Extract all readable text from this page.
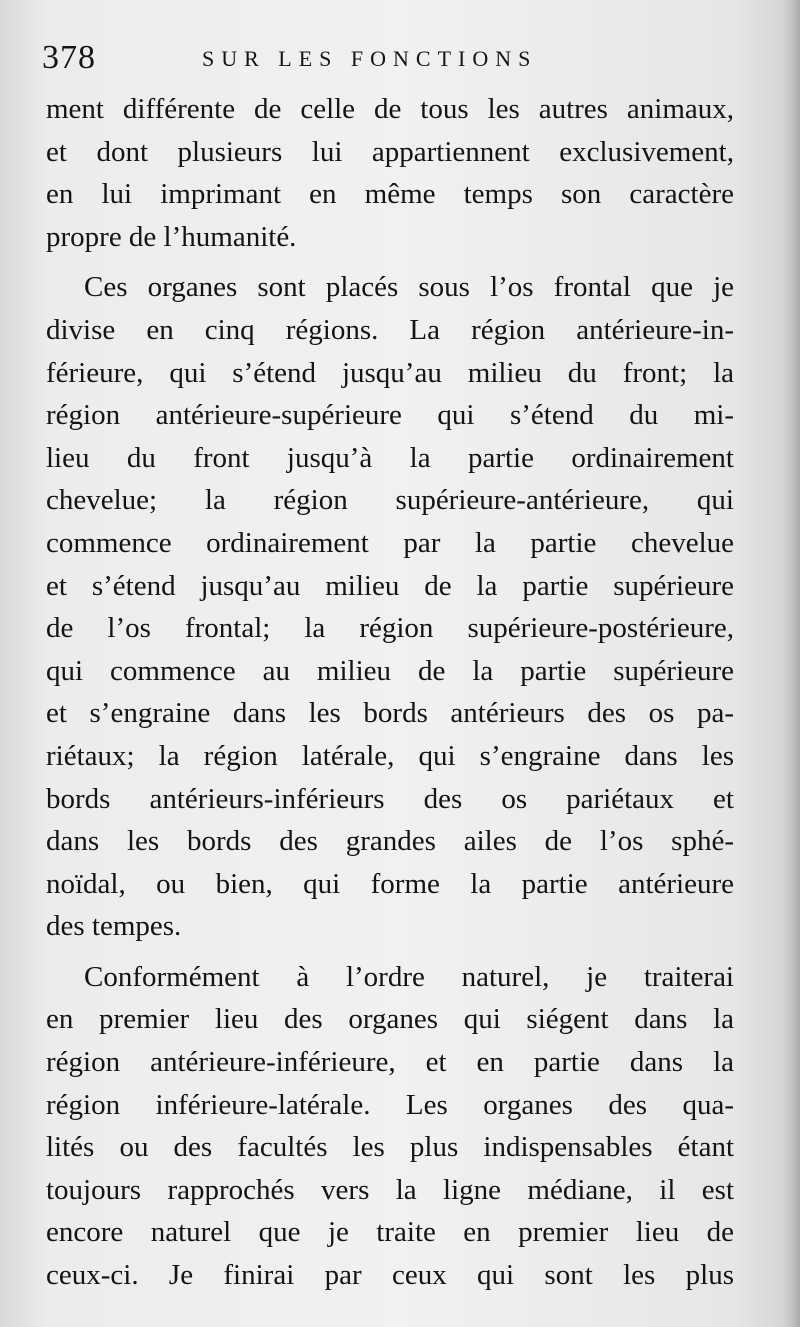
378	SUR LES FONCTIONS
ment différente de celle de tous les autres animaux,
et dont plusieurs lui appartiennent exclusivement,
en lui imprimant en même temps son caractère
propre de l’humanité.
Ces organes sont placés sous l’os frontal que je
divise en cinq régions. La région antérieure-in-
férieure, qui s’étend jusqu’au milieu du front; la
région antérieure-supérieure qui s’étend du mi-
lieu du front jusqu’à la partie ordinairement
chevelue; la région supérieure-antérieure, qui
commence ordinairement par la partie chevelue
et s’étend jusqu’au milieu de la partie supérieure
de l’os frontal; la région supérieure-postérieure,
qui commence au milieu de la partie supérieure
et s’engraine dans les bords antérieurs des os pa-
riétaux; la région latérale, qui s’engraine dans les
bords antérieurs-inférieurs des os pariétaux et
dans les bords des grandes ailes de l’os sphé-
noïdal, ou bien, qui forme la partie antérieure
des tempes.
Conformément à l’ordre naturel, je traiterai
en premier lieu des organes qui siégent dans la
région antérieure-inférieure, et en partie dans la
région inférieure-latérale. Les organes des qua-
lités ou des facultés les plus indispensables étant
toujours rapprochés vers la ligne médiane, il est
encore naturel que je traite en premier lieu de
ceux-ci. Je finirai par ceux qui sont les plus
